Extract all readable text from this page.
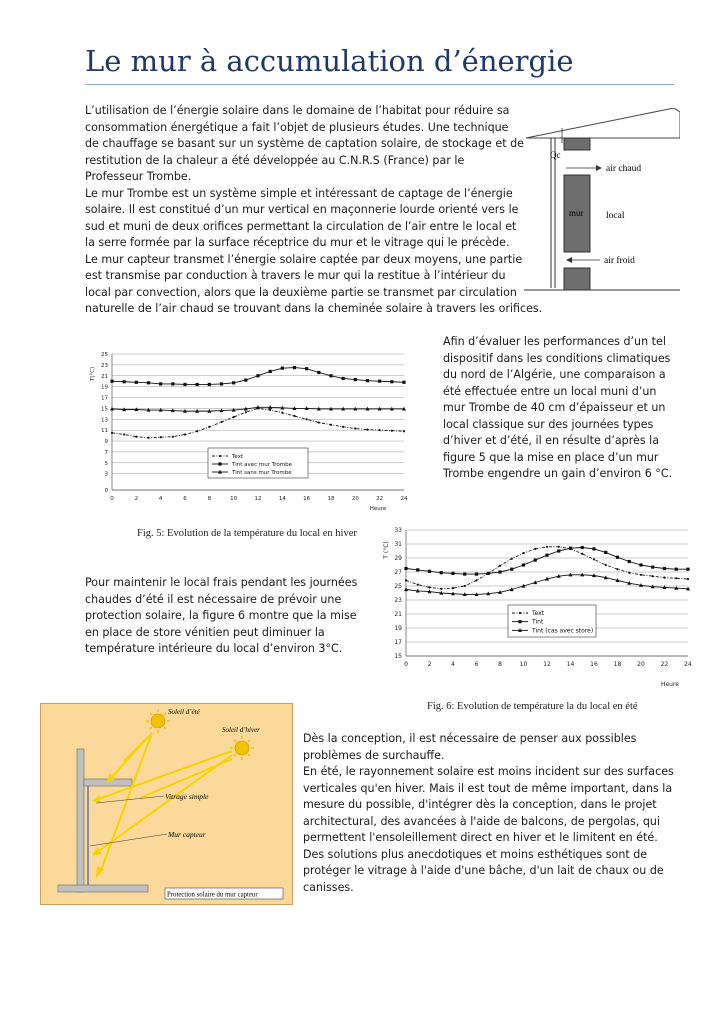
Le mur à accumulation d’énergie

L’utilisation de l’énergie solaire dans le domaine de l’habitat pour réduire sa

consommation énergétique a fait l’objet de plusieurs études. Une technique

de chauffage se basant sur un système de captation solaire, de stockage et de

restitution de la chaleur a été développée au C.N.R.S (France) par le

Professeur Trombe.

Le mur Trombe est un système simple et intéressant de captage de l’énergie

solaire. Il est constitué d’un mur vertical en maçonnerie lourde orienté vers le

sud et muni de deux orifices permettant la circulation de l’air entre le local et

la serre formée par la surface réceptrice du mur et le vitrage qui le précède.

Le mur capteur transmet l’énergie solaire captée par deux moyens, une partie

est transmise par conduction à travers le mur qui la restitue à l’intérieur du

local par convection, alors que la deuxième partie se transmet par circulation

naturelle de l’air chaud se trouvant dans la cheminée solaire à travers les orifices.

Qc
air chaud
mur local
air froid

Afin d’évaluer les performances d’un tel

dispositif dans les conditions climatiques

du nord de l’Algérie, une comparaison a

été effectuée entre un local muni d’un

mur Trombe de 40 cm d’épaisseur et un

local classique sur des journées types

d’hiver et d’été, il en résulte d’après la

figure 5 que la mise en place d’un mur

Trombe engendre un gain d’environ 6 °C.

0
3
5
7
9
11
13
15
17
19
21
23
25
0	2	4	6	8	10	12	14	16	18	20	22	24
T(°C)
Heure
Text
Tint avec mur Trombe
Tint sans mur Trombe
Fig. 5: Evolution de la température du local en hiver
15
17
19
21
23
25
27
29
31
33
0	2	4	6	8	10	12	14	16	18	20	22	24
T (°C)
Heure
Text
Tint
Tint (cas avec store)
Fig. 6: Evolution de température la du local en été

Pour maintenir le local frais pendant les journées

chaudes d’été il est nécessaire de prévoir une

protection solaire, la figure 6 montre que la mise

en place de store vénitien peut diminuer la

température intérieure du local d’environ 3°C.

Soleil d’été
Soleil d’hiver
Vitrage simple
Mur capteur
Protection solaire du mur capteur

Dès la conception, il est nécessaire de penser aux possibles

problèmes de surchauffe.

En été, le rayonnement solaire est moins incident sur des surfaces

verticales qu'en hiver. Mais il est tout de même important, dans la

mesure du possible, d'intégrer dès la conception, dans le projet

architectural, des avancées à l'aide de balcons, de pergolas, qui

permettent l'ensoleillement direct en hiver et le limitent en été.

Des solutions plus anecdotiques et moins esthétiques sont de

protéger le vitrage à l'aide d'une bâche, d'un lait de chaux ou de

canisses.
